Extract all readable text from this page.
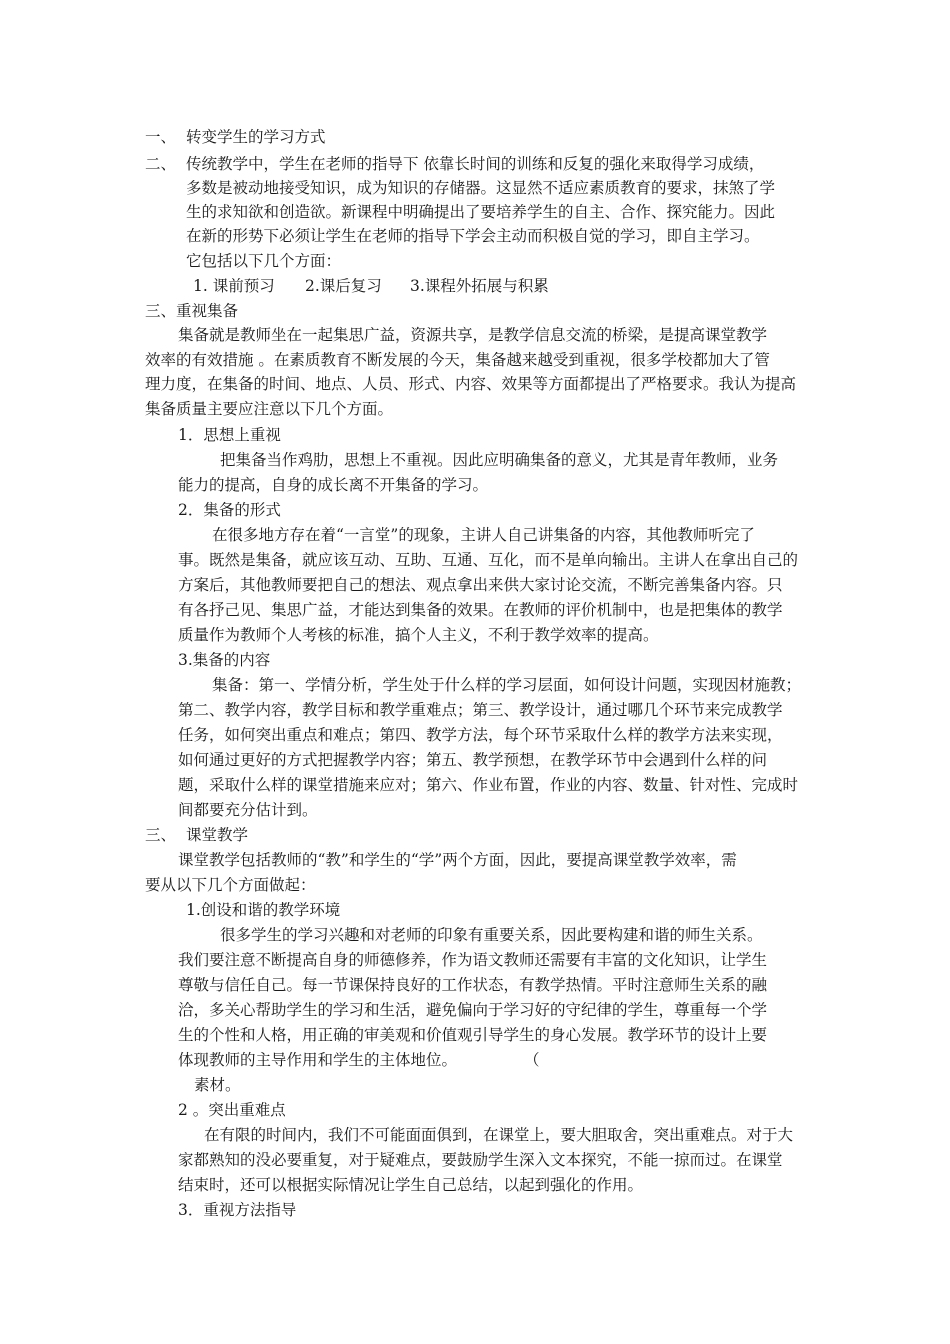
一、 转变学生的学习方式
二、 传统教学中，学生在老师的指导下 依靠长时间的训练和反复的强化来取得学习成绩，
多数是被动地接受知识，成为知识的存储器。这显然不适应素质教育的要求，抹煞了学
生的求知欲和创造欲。新课程中明确提出了要培养学生的自主、合作、探究能力。因此
在新的形势下必须让学生在老师的指导下学会主动而积极自觉的学习，即自主学习。
它包括以下几个方面：
1. 课前预习 2.课后复习 3.课程外拓展与积累
三、重视集备
集备就是教师坐在一起集思广益，资源共享，是教学信息交流的桥梁，是提高课堂教学
效率的有效措施 。在素质教育不断发展的今天，集备越来越受到重视，很多学校都加大了管
理力度，在集备的时间、地点、人员、形式、内容、效果等方面都提出了严格要求。我认为提高
集备质量主要应注意以下几个方面。
1．思想上重视
把集备当作鸡肋，思想上不重视。因此应明确集备的意义，尤其是青年教师，业务
能力的提高，自身的成长离不开集备的学习。
2．集备的形式
在很多地方存在着“一言堂”的现象，主讲人自己讲集备的内容，其他教师听完了
事。既然是集备，就应该互动、互助、互通、互化，而不是单向输出。主讲人在拿出自己的
方案后，其他教师要把自己的想法、观点拿出来供大家讨论交流，不断完善集备内容。只
有各抒己见、集思广益，才能达到集备的效果。在教师的评价机制中，也是把集体的教学
质量作为教师个人考核的标准，搞个人主义，不利于教学效率的提高。
3.集备的内容
集备：第一、学情分析，学生处于什么样的学习层面，如何设计问题，实现因材施教；
第二、教学内容，教学目标和教学重难点；第三、教学设计，通过哪几个环节来完成教学
任务，如何突出重点和难点；第四、教学方法，每个环节采取什么样的教学方法来实现，
如何通过更好的方式把握教学内容；第五、教学预想，在教学环节中会遇到什么样的问
题，采取什么样的课堂措施来应对；第六、作业布置，作业的内容、数量、针对性、完成时
间都要充分估计到。
三、 课堂教学
课堂教学包括教师的“教”和学生的“学”两个方面，因此，要提高课堂教学效率，需
要从以下几个方面做起：
1.创设和谐的教学环境
很多学生的学习兴趣和对老师的印象有重要关系，因此要构建和谐的师生关系。
我们要注意不断提高自身的师德修养，作为语文教师还需要有丰富的文化知识，让学生
尊敬与信任自己。每一节课保持良好的工作状态，有教学热情。平时注意师生关系的融
洽，多关心帮助学生的学习和生活，避免偏向于学习好的守纪律的学生，尊重每一个学
生的个性和人格，用正确的审美观和价值观引导学生的身心发展。教学环节的设计上要
体现教师的主导作用和学生的主体地位。	（
素材。
2 。突出重难点
在有限的时间内，我们不可能面面俱到，在课堂上，要大胆取舍，突出重难点。对于大
家都熟知的没必要重复，对于疑难点，要鼓励学生深入文本探究，不能一掠而过。在课堂
结束时，还可以根据实际情况让学生自己总结，以起到强化的作用。
3．重视方法指导
